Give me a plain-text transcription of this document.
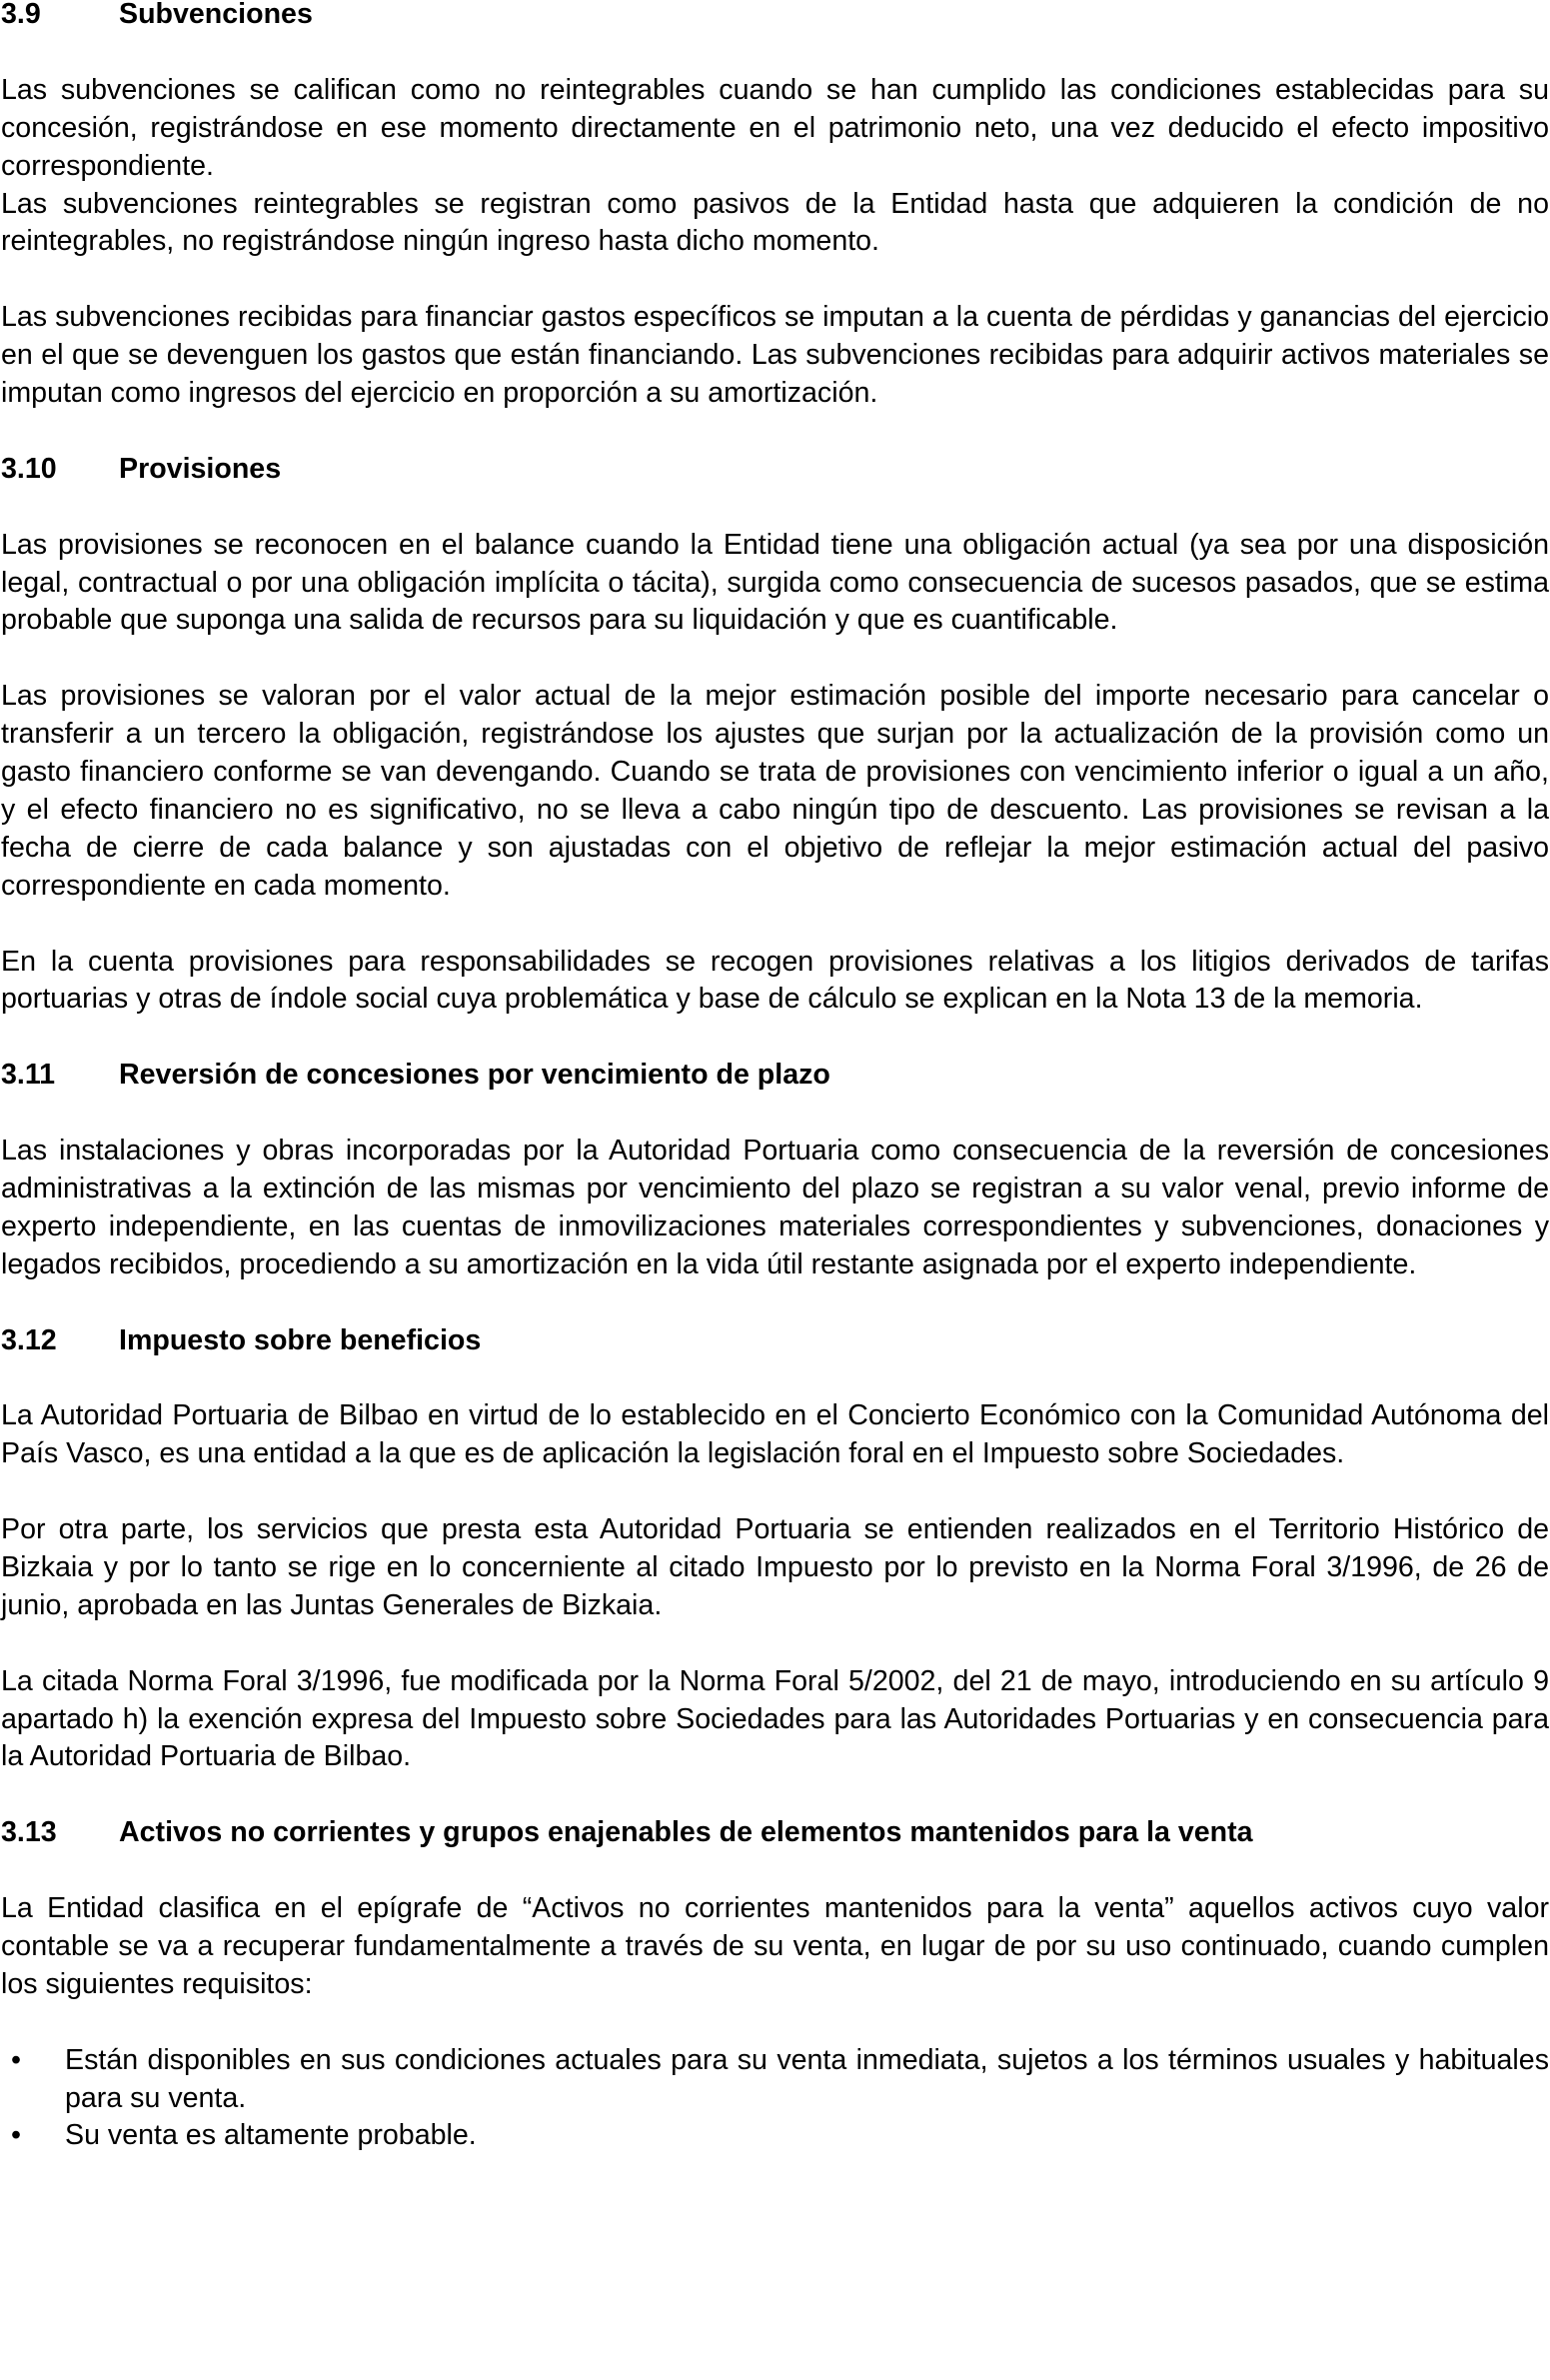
3.9	Subvenciones

Las subvenciones se califican como no reintegrables cuando se han cumplido las condiciones establecidas para su concesión, registrándose en ese momento directamente en el patrimonio neto, una vez deducido el efecto impositivo correspondiente.

Las subvenciones reintegrables se registran como pasivos de la Entidad hasta que adquieren la condición de no reintegrables, no registrándose ningún ingreso hasta dicho momento.

Las subvenciones recibidas para financiar gastos específicos se imputan a la cuenta de pérdidas y ganancias del ejercicio en el que se devenguen los gastos que están financiando. Las subvenciones recibidas para adquirir activos materiales se imputan como ingresos del ejercicio en proporción a su amortización.

3.10	Provisiones

Las provisiones se reconocen en el balance cuando la Entidad tiene una obligación actual (ya sea por una disposición legal, contractual o por una obligación implícita o tácita), surgida como consecuencia de sucesos pasados, que se estima probable que suponga una salida de recursos para su liquidación y que es cuantificable.

Las provisiones se valoran por el valor actual de la mejor estimación posible del importe necesario para cancelar o transferir a un tercero la obligación, registrándose los ajustes que surjan por la actualización de la provisión como un gasto financiero conforme se van devengando. Cuando se trata de provisiones con vencimiento inferior o igual a un año, y el efecto financiero no es significativo, no se lleva a cabo ningún tipo de descuento. Las provisiones se revisan a la fecha de cierre de cada balance y son ajustadas con el objetivo de reflejar la mejor estimación actual del pasivo correspondiente en cada momento.

En la cuenta provisiones para responsabilidades se recogen provisiones relativas a los litigios derivados de tarifas portuarias y otras de índole social cuya problemática y base de cálculo se explican en la Nota 13 de la memoria.

3.11	Reversión de concesiones por vencimiento de plazo

Las instalaciones y obras incorporadas por la Autoridad Portuaria como consecuencia de la reversión de concesiones administrativas a la extinción de las mismas por vencimiento del plazo se registran a su valor venal, previo informe de experto independiente, en las cuentas de inmovilizaciones materiales correspondientes y subvenciones, donaciones y legados recibidos, procediendo a su amortización en la vida útil restante asignada por el experto independiente.

3.12	Impuesto sobre beneficios

La Autoridad Portuaria de Bilbao en virtud de lo establecido en el Concierto Económico con la Comunidad Autónoma del País Vasco, es una entidad a la que es de aplicación la legislación foral en el Impuesto sobre Sociedades.

Por otra parte, los servicios que presta esta Autoridad Portuaria se entienden realizados en el Territorio Histórico de Bizkaia y por lo tanto se rige en lo concerniente al citado Impuesto por lo previsto en la Norma Foral 3/1996, de 26 de junio, aprobada en las Juntas Generales de Bizkaia.

La citada Norma Foral 3/1996, fue modificada por la Norma Foral 5/2002, del 21 de mayo, introduciendo en su artículo 9 apartado h) la exención expresa del Impuesto sobre Sociedades para las Autoridades Portuarias y en consecuencia para la Autoridad Portuaria de Bilbao.

3.13	Activos no corrientes y grupos enajenables de elementos mantenidos para la venta

La Entidad clasifica en el epígrafe de “Activos no corrientes mantenidos para la venta” aquellos activos cuyo valor contable se va a recuperar fundamentalmente a través de su venta, en lugar de por su uso continuado, cuando cumplen los siguientes requisitos:

• Están disponibles en sus condiciones actuales para su venta inmediata, sujetos a los términos usuales y habituales para su venta.
• Su venta es altamente probable.
